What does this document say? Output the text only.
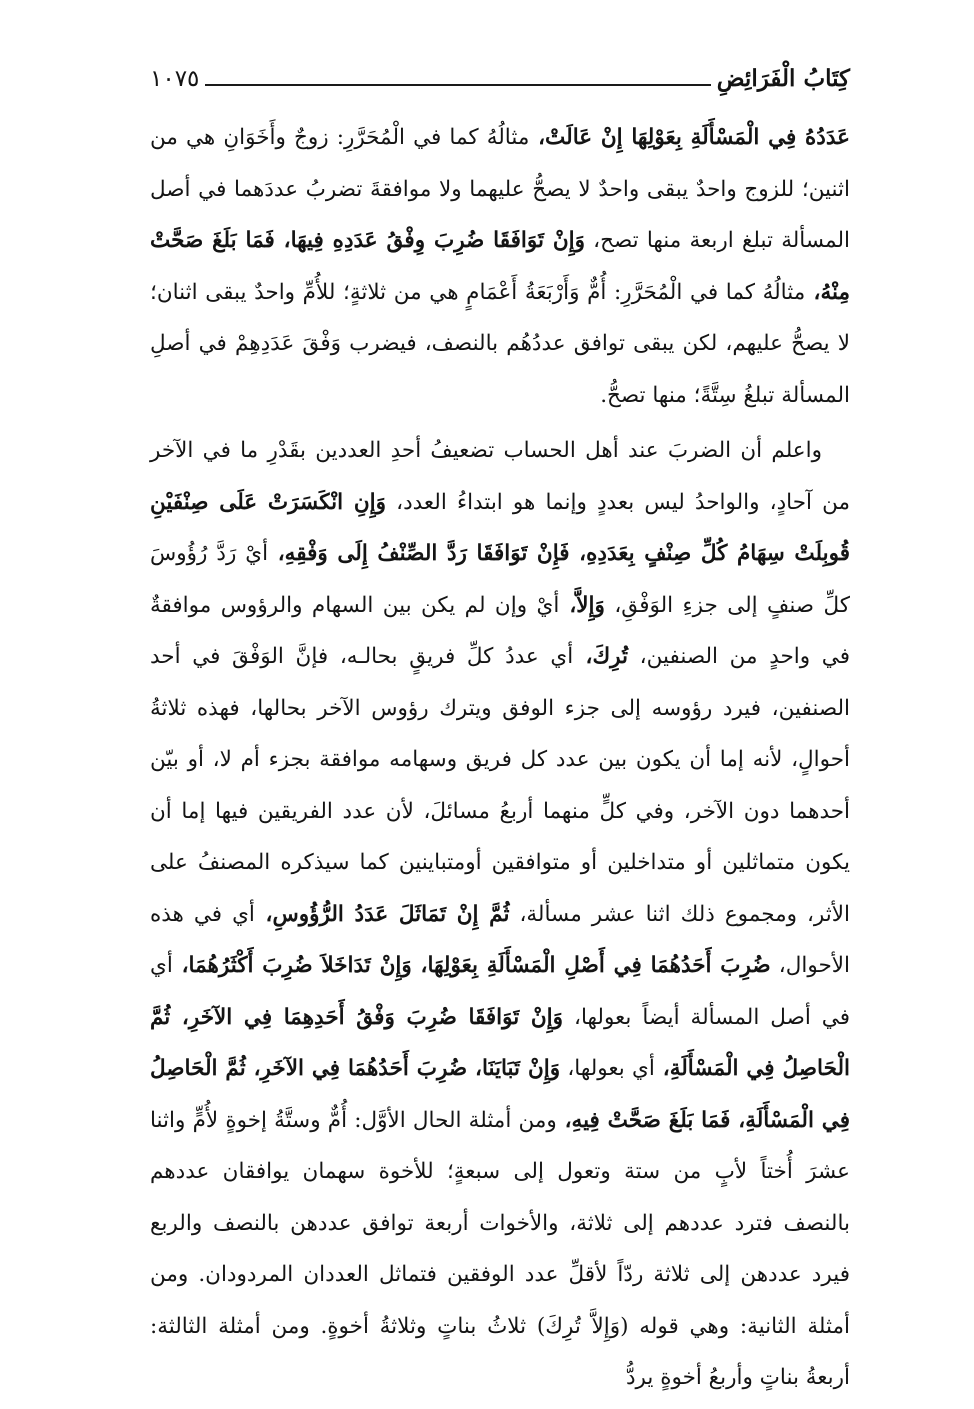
كِتَابُ الْفَرَائِضِ
١٠٧٥

عَدَدُهُ فِي الْمَسْأَلَةِ بِعَوْلِهَا إِنْ عَالَتْ، مثالُهُ كما في الْمُحَرَّرِ: زوجٌ وأَخَوَانِ هي من اثنين؛ للزوج واحدٌ يبقى واحدٌ لا يصحُّ عليهما ولا موافقةَ تضربُ عددَهما في أصل المسألة تبلغ اربعة منها تصح، وَإِنْ تَوَافَقَا ضُرِبَ وِفْقُ عَدَدِهِ فِيهَا، فَمَا بَلَغَ صَحَّتْ مِنْهُ، مثالُهُ كما في الْمُحَرَّرِ: أُمٌّ وَأَرْبَعَةُ أَعْمَامٍ هي من ثلاثةٍ؛ للأُمِّ واحدٌ يبقى اثنان؛ لا يصحُّ عليهم، لكن يبقى توافق عددُهُم بالنصف، فيضرب وَفْقَ عَدَدِهِمْ في أصلِ المسألة تبلغُ سِتَّةً؛ منها تصحُّ.

واعلم أن الضربَ عند أهل الحساب تضعيفُ أحدِ العددين بقَدْرِ ما في الآخر من آحادٍ، والواحدُ ليس بعددٍ وإنما هو ابتداءُ العدد، وَإِنِ انْكَسَرَتْ عَلَى صِنْفَيْنِ قُوبِلَتْ سِهَامُ كُلِّ صِنْفٍ بِعَدَدِهِ، فَإِنْ تَوَافَقَا رَدَّ الصِّنْفُ إِلَى وَفْقِهِ، أيْ رَدَّ رُؤُوسَ كلِّ صنفٍ إلى جزءِ الوَفْقِ، وَإِلاَّ، أيْ وإن لم يكن بين السهام والرؤوس موافقةٌ في واحدٍ من الصنفين، تُرِكَ، أي عددُ كلِّ فريقٍ بحالـه، فإنَّ الوَفْقَ في أحد الصنفين، فيرد رؤوسه إلى جزء الوفق ويترك رؤوس الآخر بحالها، فهذه ثلاثةُ أحوالٍ، لأنه إما أن يكون بين عدد كل فريق وسهامه موافقة بجزء أم لا، أو بيّن أحدهما دون الآخر، وفي كلٍّ منهما أربعُ مسائلَ، لأن عدد الفريقين فيها إما أن يكون متماثلين أو متداخلين أو متوافقين أومتباينين كما سيذكره المصنفُ على الأثر، ومجموع ذلك اثنا عشر مسألة، ثُمَّ إِنْ تَمَاثَلَ عَدَدُ الرُّؤُوسِ، أي في هذه الأحوال، ضُرِبَ أَحَدُهُمَا فِي أَصْلِ الْمَسْأَلَةِ بِعَوْلِهَا، وَإِنْ تَدَاخَلاَ ضُرِبَ أَكْثَرُهُمَا، أي في أصل المسألة أيضاً بعولها، وَإِنْ تَوَافَقَا ضُرِبَ وَفْقُ أَحَدِهِمَا فِي الآخَرِ، ثُمَّ الْحَاصِلُ فِي الْمَسْأَلَةِ، أي بعولها، وَإِنْ تَبَايَنَا، ضُرِبَ أَحَدُهُمَا فِي الآخَرِ، ثُمَّ الْحَاصِلُ فِي الْمَسْأَلَةِ، فَمَا بَلَغَ صَحَّتْ فِيهِ، ومن أمثلة الحال الأوَّل: أُمٌّ وستَّةُ إخوةٍ لأُمٍّ واثنا عشرَ أُختاً لأبٍ من ستة وتعول إلى سبعةٍ؛ للأخوة سهمان يوافقان عددهم بالنصف فترد عددهم إلى ثلاثة، والأخوات أربعة توافق عددهن بالنصف والربع فيرد عددهن إلى ثلاثة ردّاً لأقلِّ عدد الوفقين فتماثل العددان المردودان. ومن أمثلة الثانية: وهي قوله (وَإِلاَّ تُرِكَ) ثلاثُ بناتٍ وثلاثةُ أخوةٍ. ومن أمثلة الثالثة: أربعةُ بناتٍ وأربعُ أخوةٍ يردُّ
